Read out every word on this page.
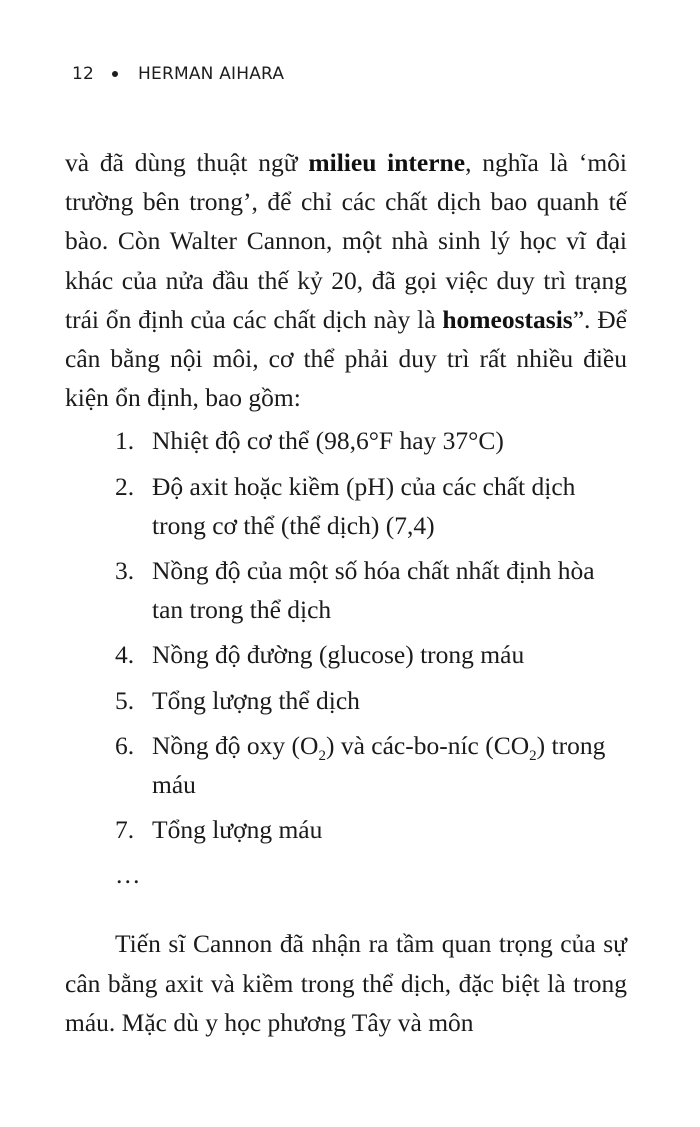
12	HERMAN AIHARA

và đã dùng thuật ngữ milieu interne, nghĩa là ‘môi trường bên trong’, để chỉ các chất dịch bao quanh tế bào. Còn Walter Cannon, một nhà sinh lý học vĩ đại khác của nửa đầu thế kỷ 20, đã gọi việc duy trì trạng trái ổn định của các chất dịch này là homeostasis”. Để cân bằng nội môi, cơ thể phải duy trì rất nhiều điều kiện ổn định, bao gồm:

1. Nhiệt độ cơ thể (98,6°F hay 37°C)
2. Độ axit hoặc kiềm (pH) của các chất dịch trong cơ thể (thể dịch) (7,4)
3. Nồng độ của một số hóa chất nhất định hòa tan trong thể dịch
4. Nồng độ đường (glucose) trong máu
5. Tổng lượng thể dịch
6. Nồng độ oxy $(O_2)$ và các-bo-níc $(CO_2)$ trong máu
7. Tổng lượng máu
…

Tiến sĩ Cannon đã nhận ra tầm quan trọng của sự cân bằng axit và kiềm trong thể dịch, đặc biệt là trong máu. Mặc dù y học phương Tây và môn
